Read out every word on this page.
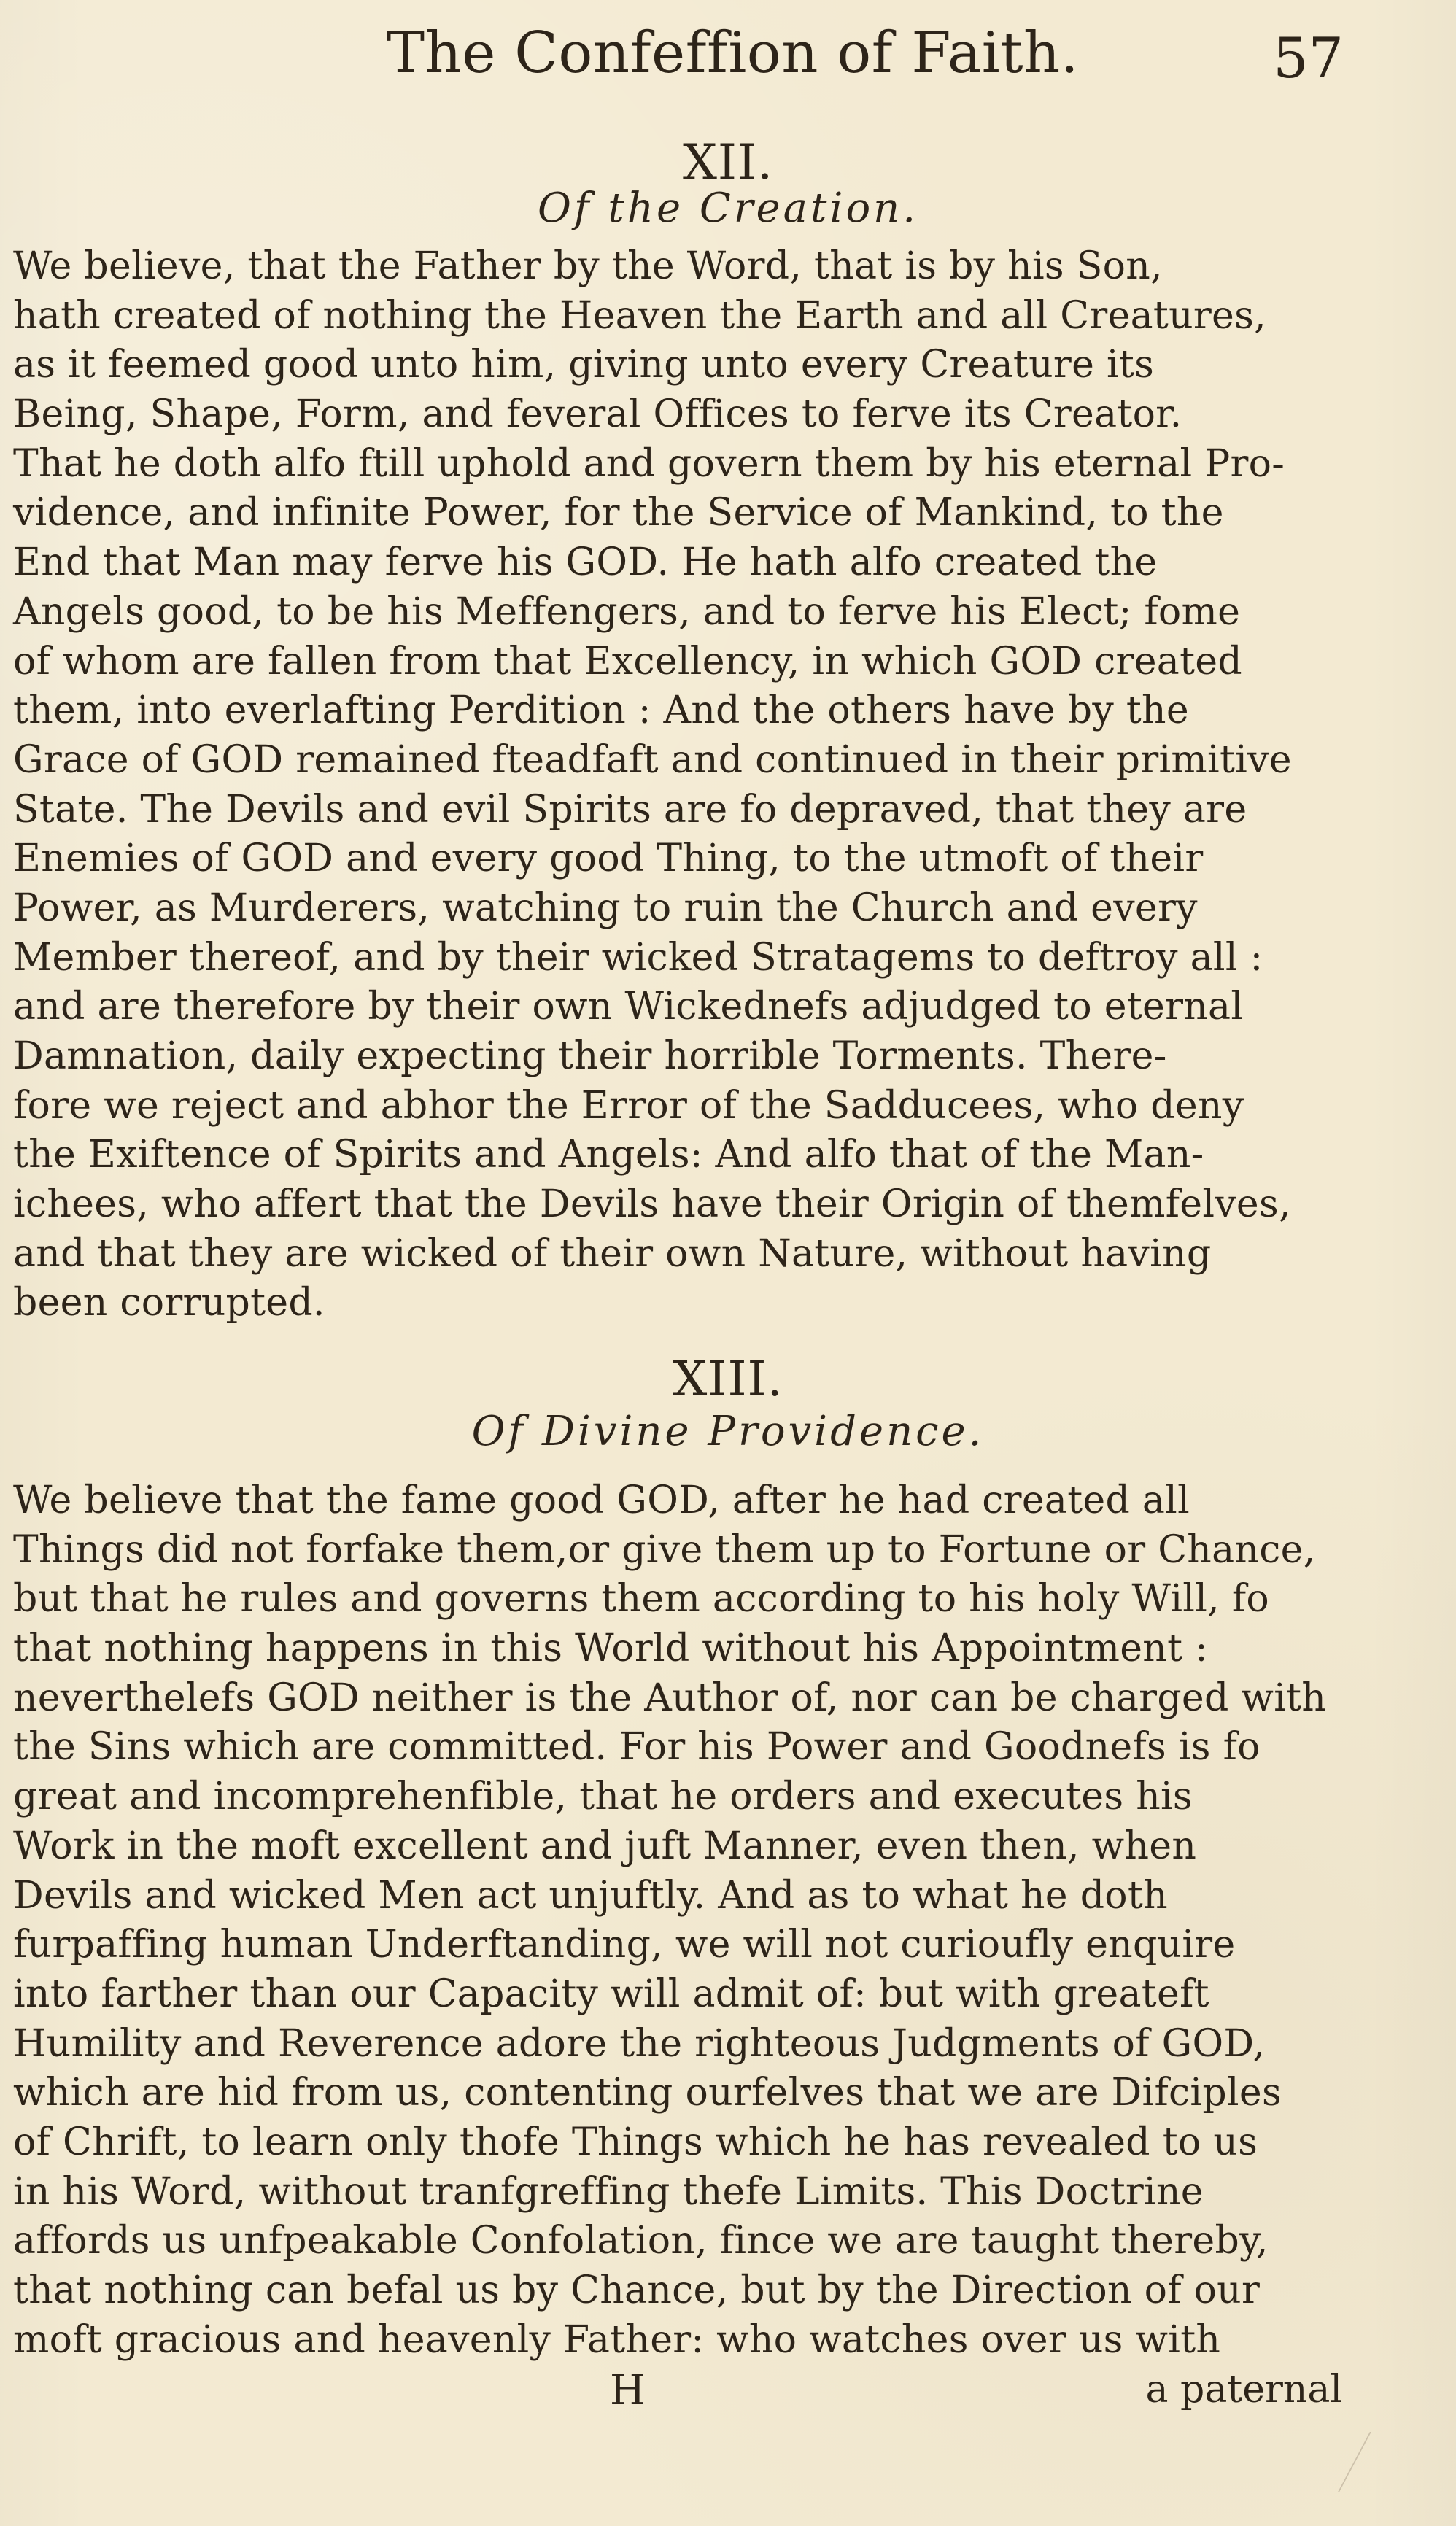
The Confeffion of Faith.	57
XII.
Of the Creation.
We believe, that the Father by the Word, that is by his Son,
hath created of nothing the Heaven the Earth and all Creatures,
as it feemed good unto him, giving unto every Creature its
Being, Shape, Form, and feveral Offices to ferve its Creator.
That he doth alfo ftill uphold and govern them by his eternal Pro-
vidence, and infinite Power, for the Service of Mankind, to the
End that Man may ferve his GOD. He hath alfo created the
Angels good, to be his Meffengers, and to ferve his Elect; fome
of whom are fallen from that Excellency, in which GOD created
them, into everlafting Perdition : And the others have by the
Grace of GOD remained fteadfaft and continued in their primitive
State. The Devils and evil Spirits are fo depraved, that they are
Enemies of GOD and every good Thing, to the utmoft of their
Power, as Murderers, watching to ruin the Church and every
Member thereof, and by their wicked Stratagems to deftroy all :
and are therefore by their own Wickednefs adjudged to eternal
Damnation, daily expecting their horrible Torments. There-
fore we reject and abhor the Error of the Sadducees, who deny
the Exiftence of Spirits and Angels: And alfo that of the Man-
ichees, who affert that the Devils have their Origin of themfelves,
and that they are wicked of their own Nature, without having
been corrupted.
XIII.
Of Divine Providence.
We believe that the fame good GOD, after he had created all
Things did not forfake them,or give them up to Fortune or Chance,
but that he rules and governs them according to his holy Will, fo
that nothing happens in this World without his Appointment :
neverthelefs GOD neither is the Author of, nor can be charged with
the Sins which are committed. For his Power and Goodnefs is fo
great and incomprehenfible, that he orders and executes his
Work in the moft excellent and juft Manner, even then, when
Devils and wicked Men act unjuftly. And as to what he doth
furpaffing human Underftanding, we will not curioufly enquire
into farther than our Capacity will admit of: but with greateft
Humility and Reverence adore the righteous Judgments of GOD,
which are hid from us, contenting ourfelves that we are Difciples
of Chrift, to learn only thofe Things which he has revealed to us
in his Word, without tranfgreffing thefe Limits. This Doctrine
affords us unfpeakable Confolation, fince we are taught thereby,
that nothing can befal us by Chance, but by the Direction of our
moft gracious and heavenly Father: who watches over us with
H	a paternal
